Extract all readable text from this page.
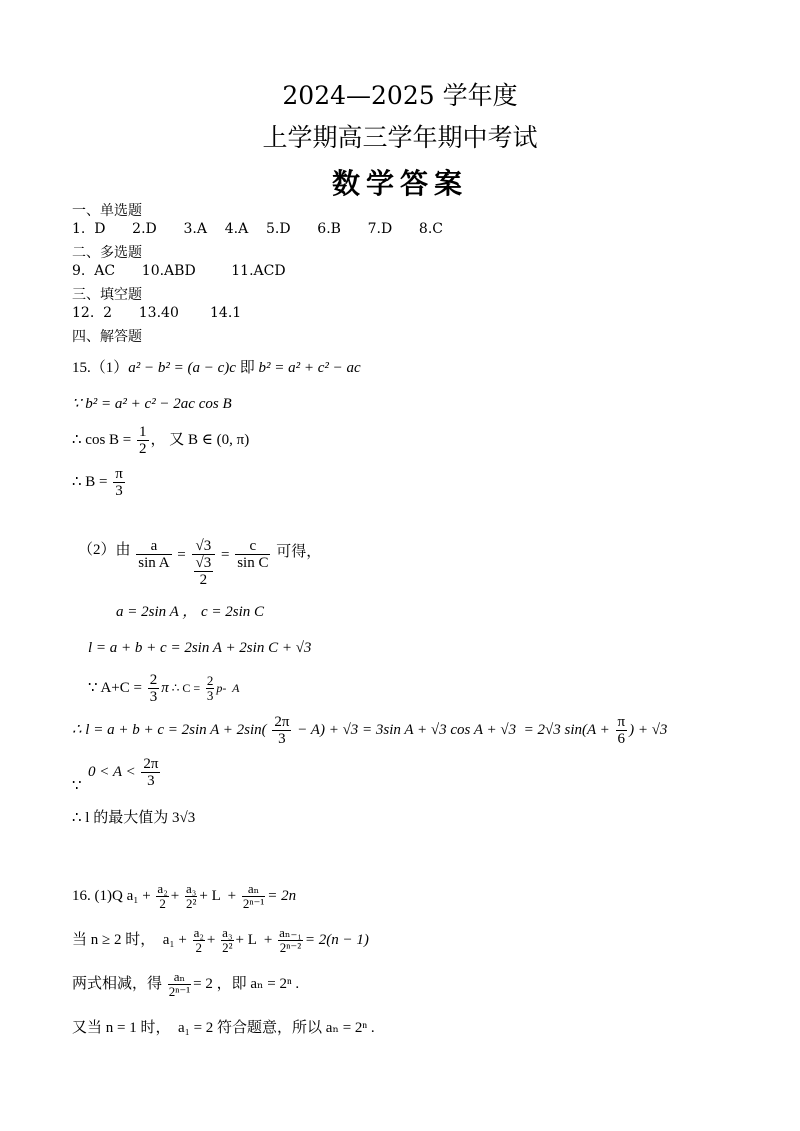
2024—2025 学年度
上学期高三学年期中考试
数学答案
一、单选题
1.  D      2.D      3.A    4.A    5.D      6.B      7.D      8.C
二、多选题
9.  AC      10.ABD        11.ACD
三、填空题
12.  2      13.40       14.1
四、解答题
15.（1）a² − b² = (a − c)c 即 b² = a² + c² − ac
∵ b² = a² + c² − 2ac cos B
∴ $\cos B = \frac{1}{2}$ ， 又 B ∈ (0, π)
∴ $B = \frac{\pi}{3}$
（2）由 $\frac{a}{\text{sin A}} = \frac{√3}{\frac{√3}{2}} = \frac{c}{\text{sin C}}$ 可得，
a = 2sin A ， c = 2sin C
l = a + b + c = 2sin A + 2sin C + √3
∵ $A+C = \frac{2}{3}$ π ∴ $C = \frac{2}{3} p-$  A
∴ l = a + b + c = 2sin $A + 2\sin( \frac{2\pi}{3} - A) + √3 = 3\sin$ A + √3 cos A + √3  = 2√3 $\sin(A + \frac{\pi}{6}$ ) + √3
$0 < A < \frac{2\pi}{3}$
∵
∴ l 的最大值为 3√3
16. (1)Q $a_1 + \frac{\text{a₂}}{2} + \frac{\text{a₃}}{\text{2²}} + L + \frac{\text{aₙ}}{\text{2ⁿ⁻¹}} = 2n$
当 n ≥ 2 时，  $a_1 + \frac{\text{a₂}}{2} + \frac{\text{a₃}}{\text{2²}} + L + \frac{\text{aₙ₋₁}}{\text{2ⁿ⁻²}} = 2(n - 1)$
两式相减，得 $\frac{\text{aₙ}}{\text{2ⁿ⁻¹}} = 2$ ，即 aₙ = 2ⁿ .
又当 n = 1 时，  a₁ = 2 符合题意，所以 aₙ = 2ⁿ .
